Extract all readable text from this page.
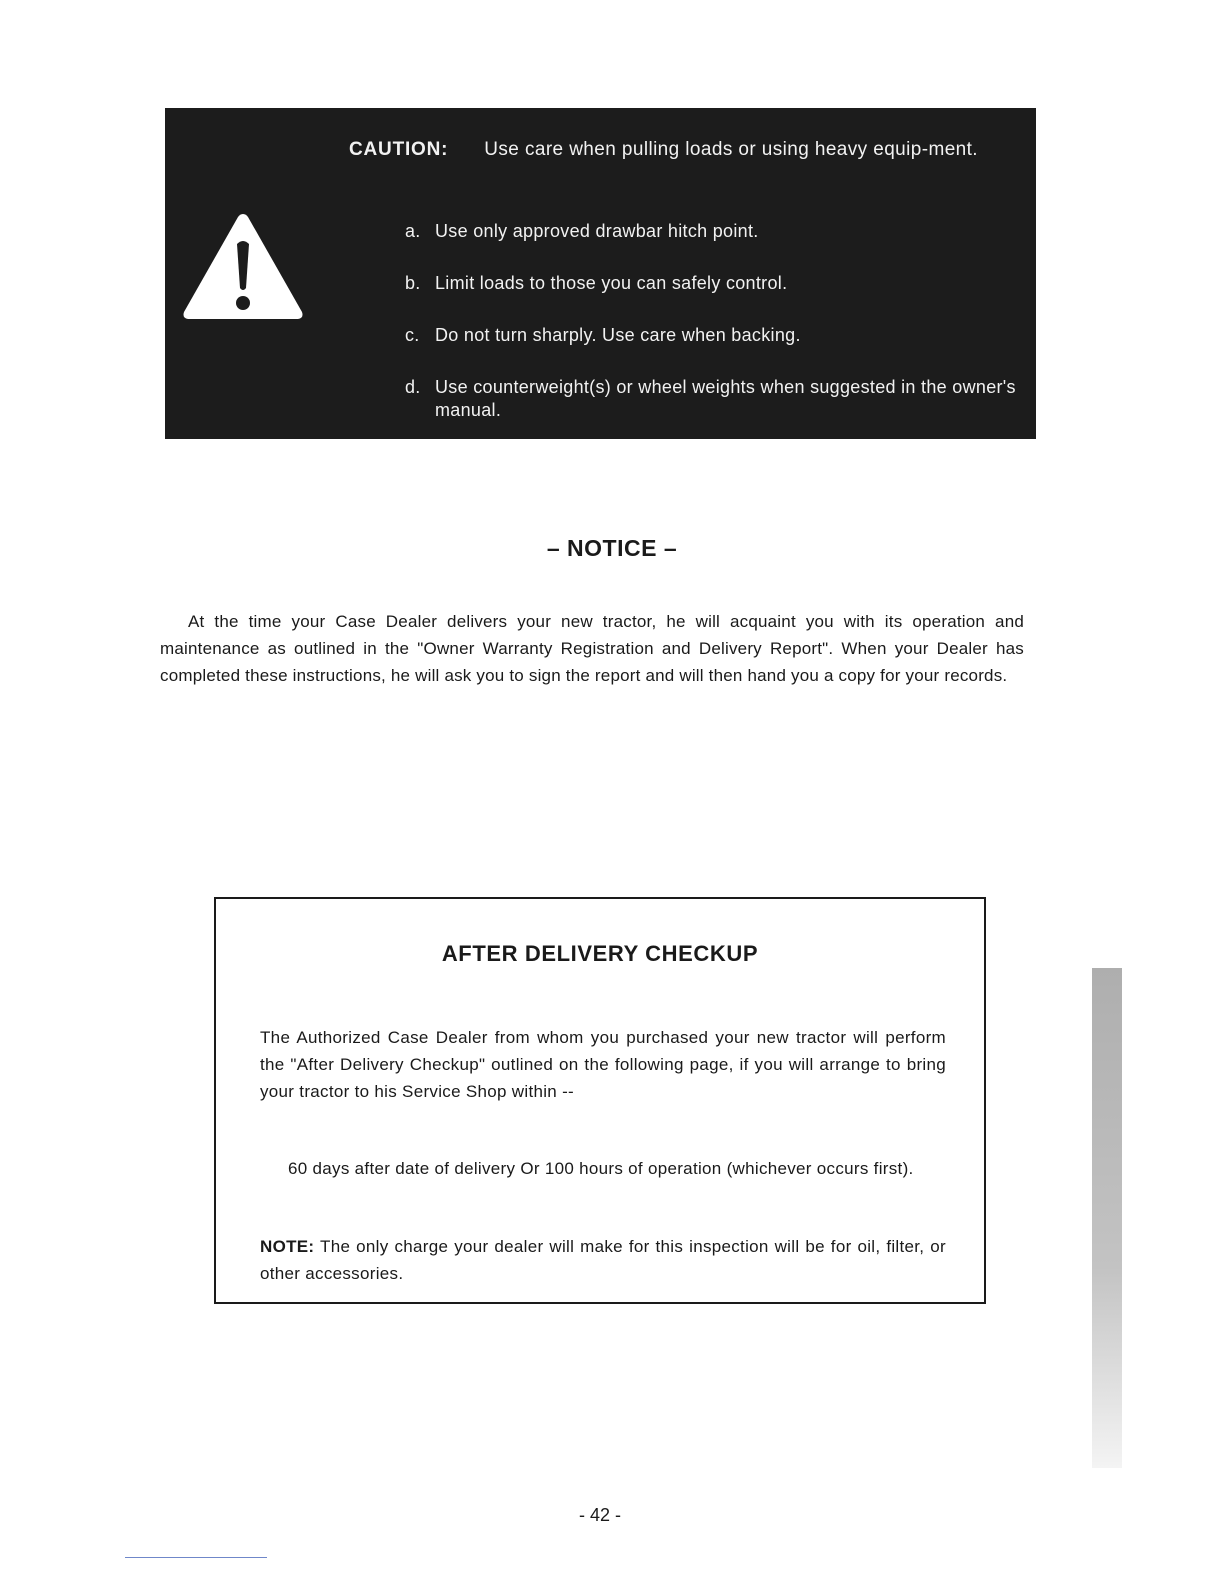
CAUTION: Use care when pulling loads or using heavy equip-ment.
a. Use only approved drawbar hitch point.
b. Limit loads to those you can safely control.
c. Do not turn sharply. Use care when backing.
d. Use counterweight(s) or wheel weights when suggested in the owner's manual.
– NOTICE –

At the time your Case Dealer delivers your new tractor, he will acquaint you with its operation and maintenance as outlined in the "Owner Warranty Registration and Delivery Report". When your Dealer has completed these instructions, he will ask you to sign the report and will then hand you a copy for your records.

AFTER DELIVERY CHECKUP

The Authorized Case Dealer from whom you purchased your new tractor will perform the "After Delivery Checkup" outlined on the following page, if you will arrange to bring your tractor to his Service Shop within --

60 days after date of delivery Or 100 hours of operation (whichever occurs first).

NOTE: The only charge your dealer will make for this inspection will be for oil, filter, or other accessories.

- 42 -
